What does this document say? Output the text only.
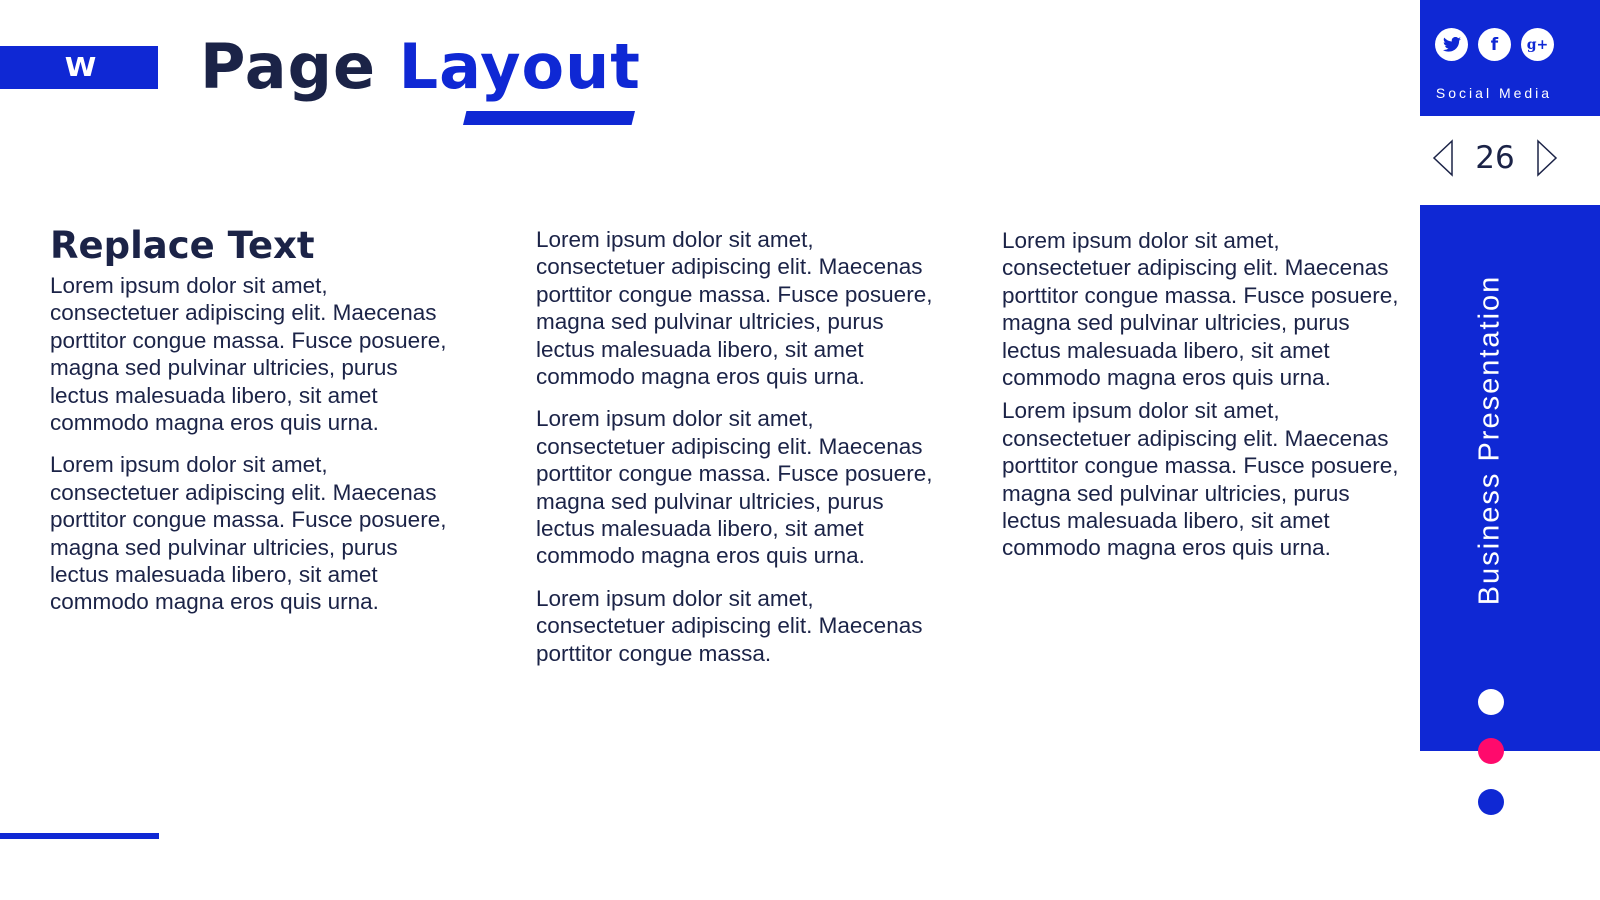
W Page Layout
Replace Text

Lorem ipsum dolor sit amet, consectetuer adipiscing elit. Maecenas porttitor congue massa. Fusce posuere, magna sed pulvinar ultricies, purus lectus malesuada libero, sit amet commodo magna eros quis urna.

Lorem ipsum dolor sit amet, consectetuer adipiscing elit. Maecenas porttitor congue massa. Fusce posuere, magna sed pulvinar ultricies, purus lectus malesuada libero, sit amet commodo magna eros quis urna.

Lorem ipsum dolor sit amet, consectetuer adipiscing elit. Maecenas porttitor congue massa. Fusce posuere, magna sed pulvinar ultricies, purus lectus malesuada libero, sit amet commodo magna eros quis urna.

Lorem ipsum dolor sit amet, consectetuer adipiscing elit. Maecenas porttitor congue massa. Fusce posuere, magna sed pulvinar ultricies, purus lectus malesuada libero, sit amet commodo magna eros quis urna.

Lorem ipsum dolor sit amet, consectetuer adipiscing elit. Maecenas porttitor congue massa.

Lorem ipsum dolor sit amet, consectetuer adipiscing elit. Maecenas porttitor congue massa. Fusce posuere, magna sed pulvinar ultricies, purus lectus malesuada libero, sit amet commodo magna eros quis urna.

Lorem ipsum dolor sit amet, consectetuer adipiscing elit. Maecenas porttitor congue massa. Fusce posuere, magna sed pulvinar ultricies, purus lectus malesuada libero, sit amet commodo magna eros quis urna.

f g+
Social Media
26
Business Presentation
